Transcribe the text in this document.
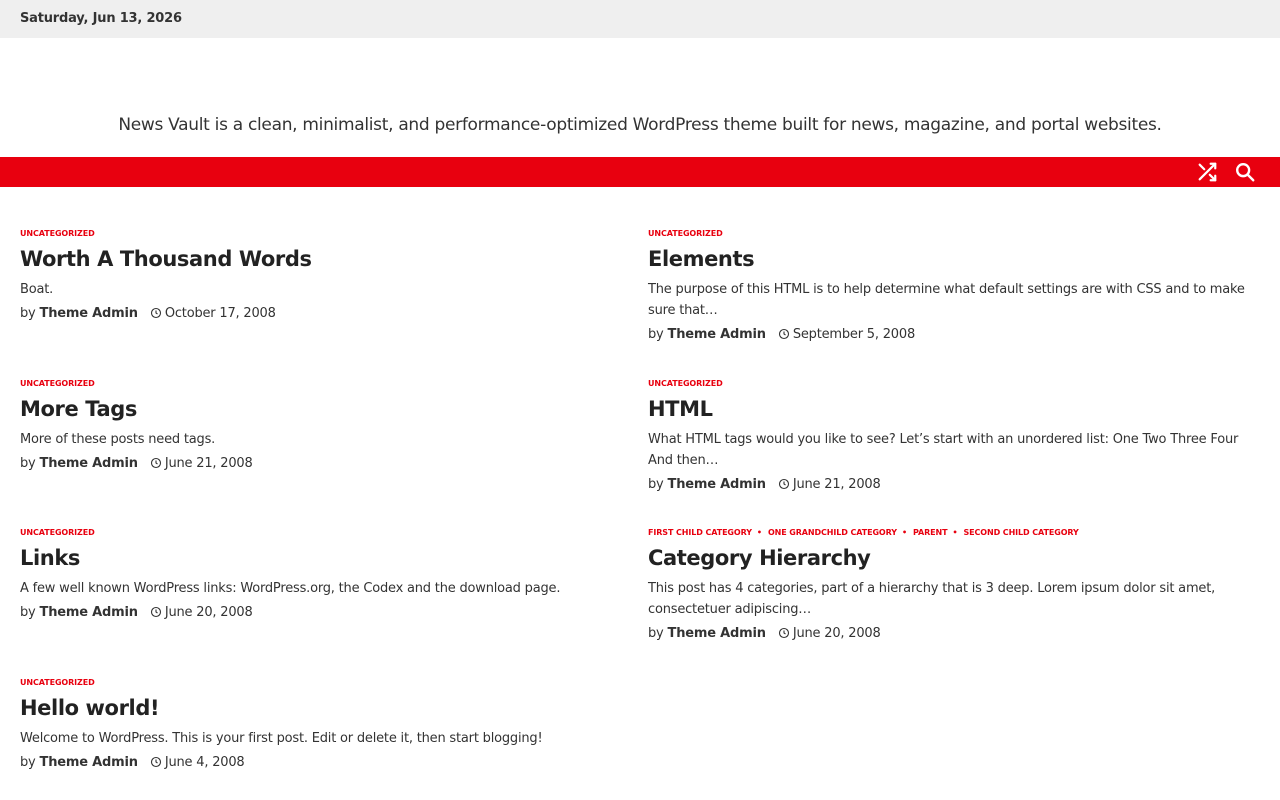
Saturday, Jun 13, 2026
News Vault is a clean, minimalist, and performance-optimized WordPress theme built for news, magazine, and portal websites.
UNCATEGORIZED
Worth A Thousand Words
Boat.
by Theme Admin October 17, 2008
UNCATEGORIZED
Elements
The purpose of this HTML is to help determine what default settings are with CSS and to make sure that…
by Theme Admin September 5, 2008
UNCATEGORIZED
More Tags
More of these posts need tags.
by Theme Admin June 21, 2008
UNCATEGORIZED
HTML
What HTML tags would you like to see? Let’s start with an unordered list: One Two Three Four And then…
by Theme Admin June 21, 2008
UNCATEGORIZED
Links
A few well known WordPress links: WordPress.org, the Codex and the download page.
by Theme Admin June 20, 2008
FIRST CHILD CATEGORY • ONE GRANDCHILD CATEGORY • PARENT • SECOND CHILD CATEGORY
Category Hierarchy
This post has 4 categories, part of a hierarchy that is 3 deep. Lorem ipsum dolor sit amet, consectetuer adipiscing…
by Theme Admin June 20, 2008
UNCATEGORIZED
Hello world!
Welcome to WordPress. This is your first post. Edit or delete it, then start blogging!
by Theme Admin June 4, 2008
